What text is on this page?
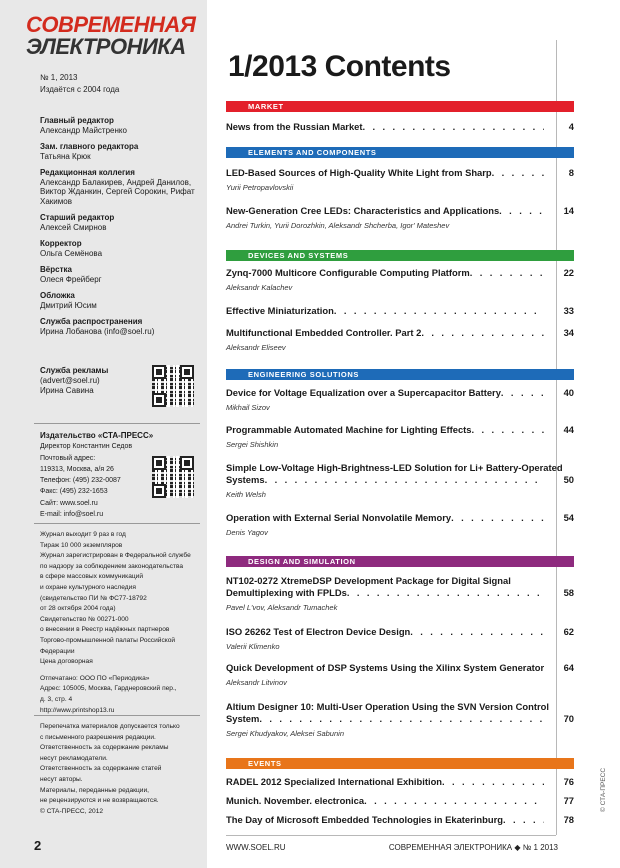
СОВРЕМЕННАЯ
ЭЛЕКТРОНИКА
№ 1, 2013
Издаётся с 2004 года
Главный редактор
Александр Майстренко
Зам. главного редактора
Татьяна Крюк
Редакционная коллегия
Александр Балакирев, Андрей Данилов, Виктор Жданкин, Сергей Сорокин, Рифат Хакимов
Старший редактор
Алексей Смирнов
Корректор
Ольга Семёнова
Вёрстка
Олеся Фрейберг
Обложка
Дмитрий Юсим
Служба распространения
Ирина Лобанова (info@soel.ru)
Служба рекламы
(advert@soel.ru)
Ирина Савина
Издательство «СТА-ПРЕСС»
Директор Константин Седов
Почтовый адрес:
119313, Москва, а/я 26
Телефон: (495) 232-0087
Факс: (495) 232-1653
Сайт: www.soel.ru
E-mail: info@soel.ru
Журнал выходит 9 раз в год
Тираж 10 000 экземпляров
Журнал зарегистрирован в Федеральной службе
по надзору за соблюдением законодательства
в сфере массовых коммуникаций
и охране культурного наследия
(свидетельство ПИ № ФС77-18792
от 28 октября 2004 года)
Свидетельство № 00271-000
о внесении в Реестр надёжных партнеров
Торгово-промышленной палаты Российской Федерации
Цена договорная

Отпечатано: ООО ПО «Периодика»
Адрес: 105005, Москва, Гарднеровский пер.,
д. 3, стр. 4
http://www.printshop13.ru
Перепечатка материалов допускается только
с письменного разрешения редакции.
Ответственность за содержание рекламы
несут рекламодатели.
Ответственность за содержание статей
несут авторы.
Материалы, переданные редакции,
не рецензируются и не возвращаются.
© СТА-ПРЕСС, 2012
2
1/2013 Contents
© СТА-ПРЕСС
MARKET
ELEMENTS AND COMPONENTS
DEVICES AND SYSTEMS
ENGINEERING SOLUTIONS
DESIGN AND SIMULATION
EVENTS
News from the Russian Market . . .	4
LED-Based Sources of High-Quality White Light from Sharp . . .	8
Yurii Petropavlovskii
New-Generation Cree LEDs: Characteristics and Applications . . .	14
Andrei Turkin, Yurii Dorozhkin, Aleksandr Shcherba, Igor' Mateshev
Zynq-7000 Multicore Configurable Computing Platform . . .	22
Aleksandr Kalachev
Effective Miniaturization . . .	33
Multifunctional Embedded Controller. Part 2 . . .	34
Aleksandr Eliseev
Device for Voltage Equalization over a Supercapacitor Battery . . .	40
Mikhail Sizov
Programmable Automated Machine for Lighting Effects . . .	44
Sergei Shishkin
Simple Low-Voltage High-Brightness-LED Solution for Li+ Battery-Operated
Systems . . .	50
Keith Welsh
Operation with External Serial Nonvolatile Memory . . .	54
Denis Yagov
NT102-0272 XtremeDSP Development Package for Digital Signal
Demultiplexing with FPLDs . . .	58
Pavel L'vov, Aleksandr Tumachek
ISO 26262 Test of Electron Device Design . . .	62
Valerii Klimenko
Quick Development of DSP Systems Using the Xilinx System Generator 64
Aleksandr Litvinov
Altium Designer 10: Multi-User Operation Using the SVN Version Control
System . . .	70
Sergei Khudyakov, Aleksei Sabunin
RADEL 2012 Specialized International Exhibition . . .	76
Munich. November. electronica . . .	77
The Day of Microsoft Embedded Technologies in Ekaterinburg . . .	78
WWW.SOEL.RU	СОВРЕМЕННАЯ ЭЛЕКТРОНИКА ◆ № 1 2013
